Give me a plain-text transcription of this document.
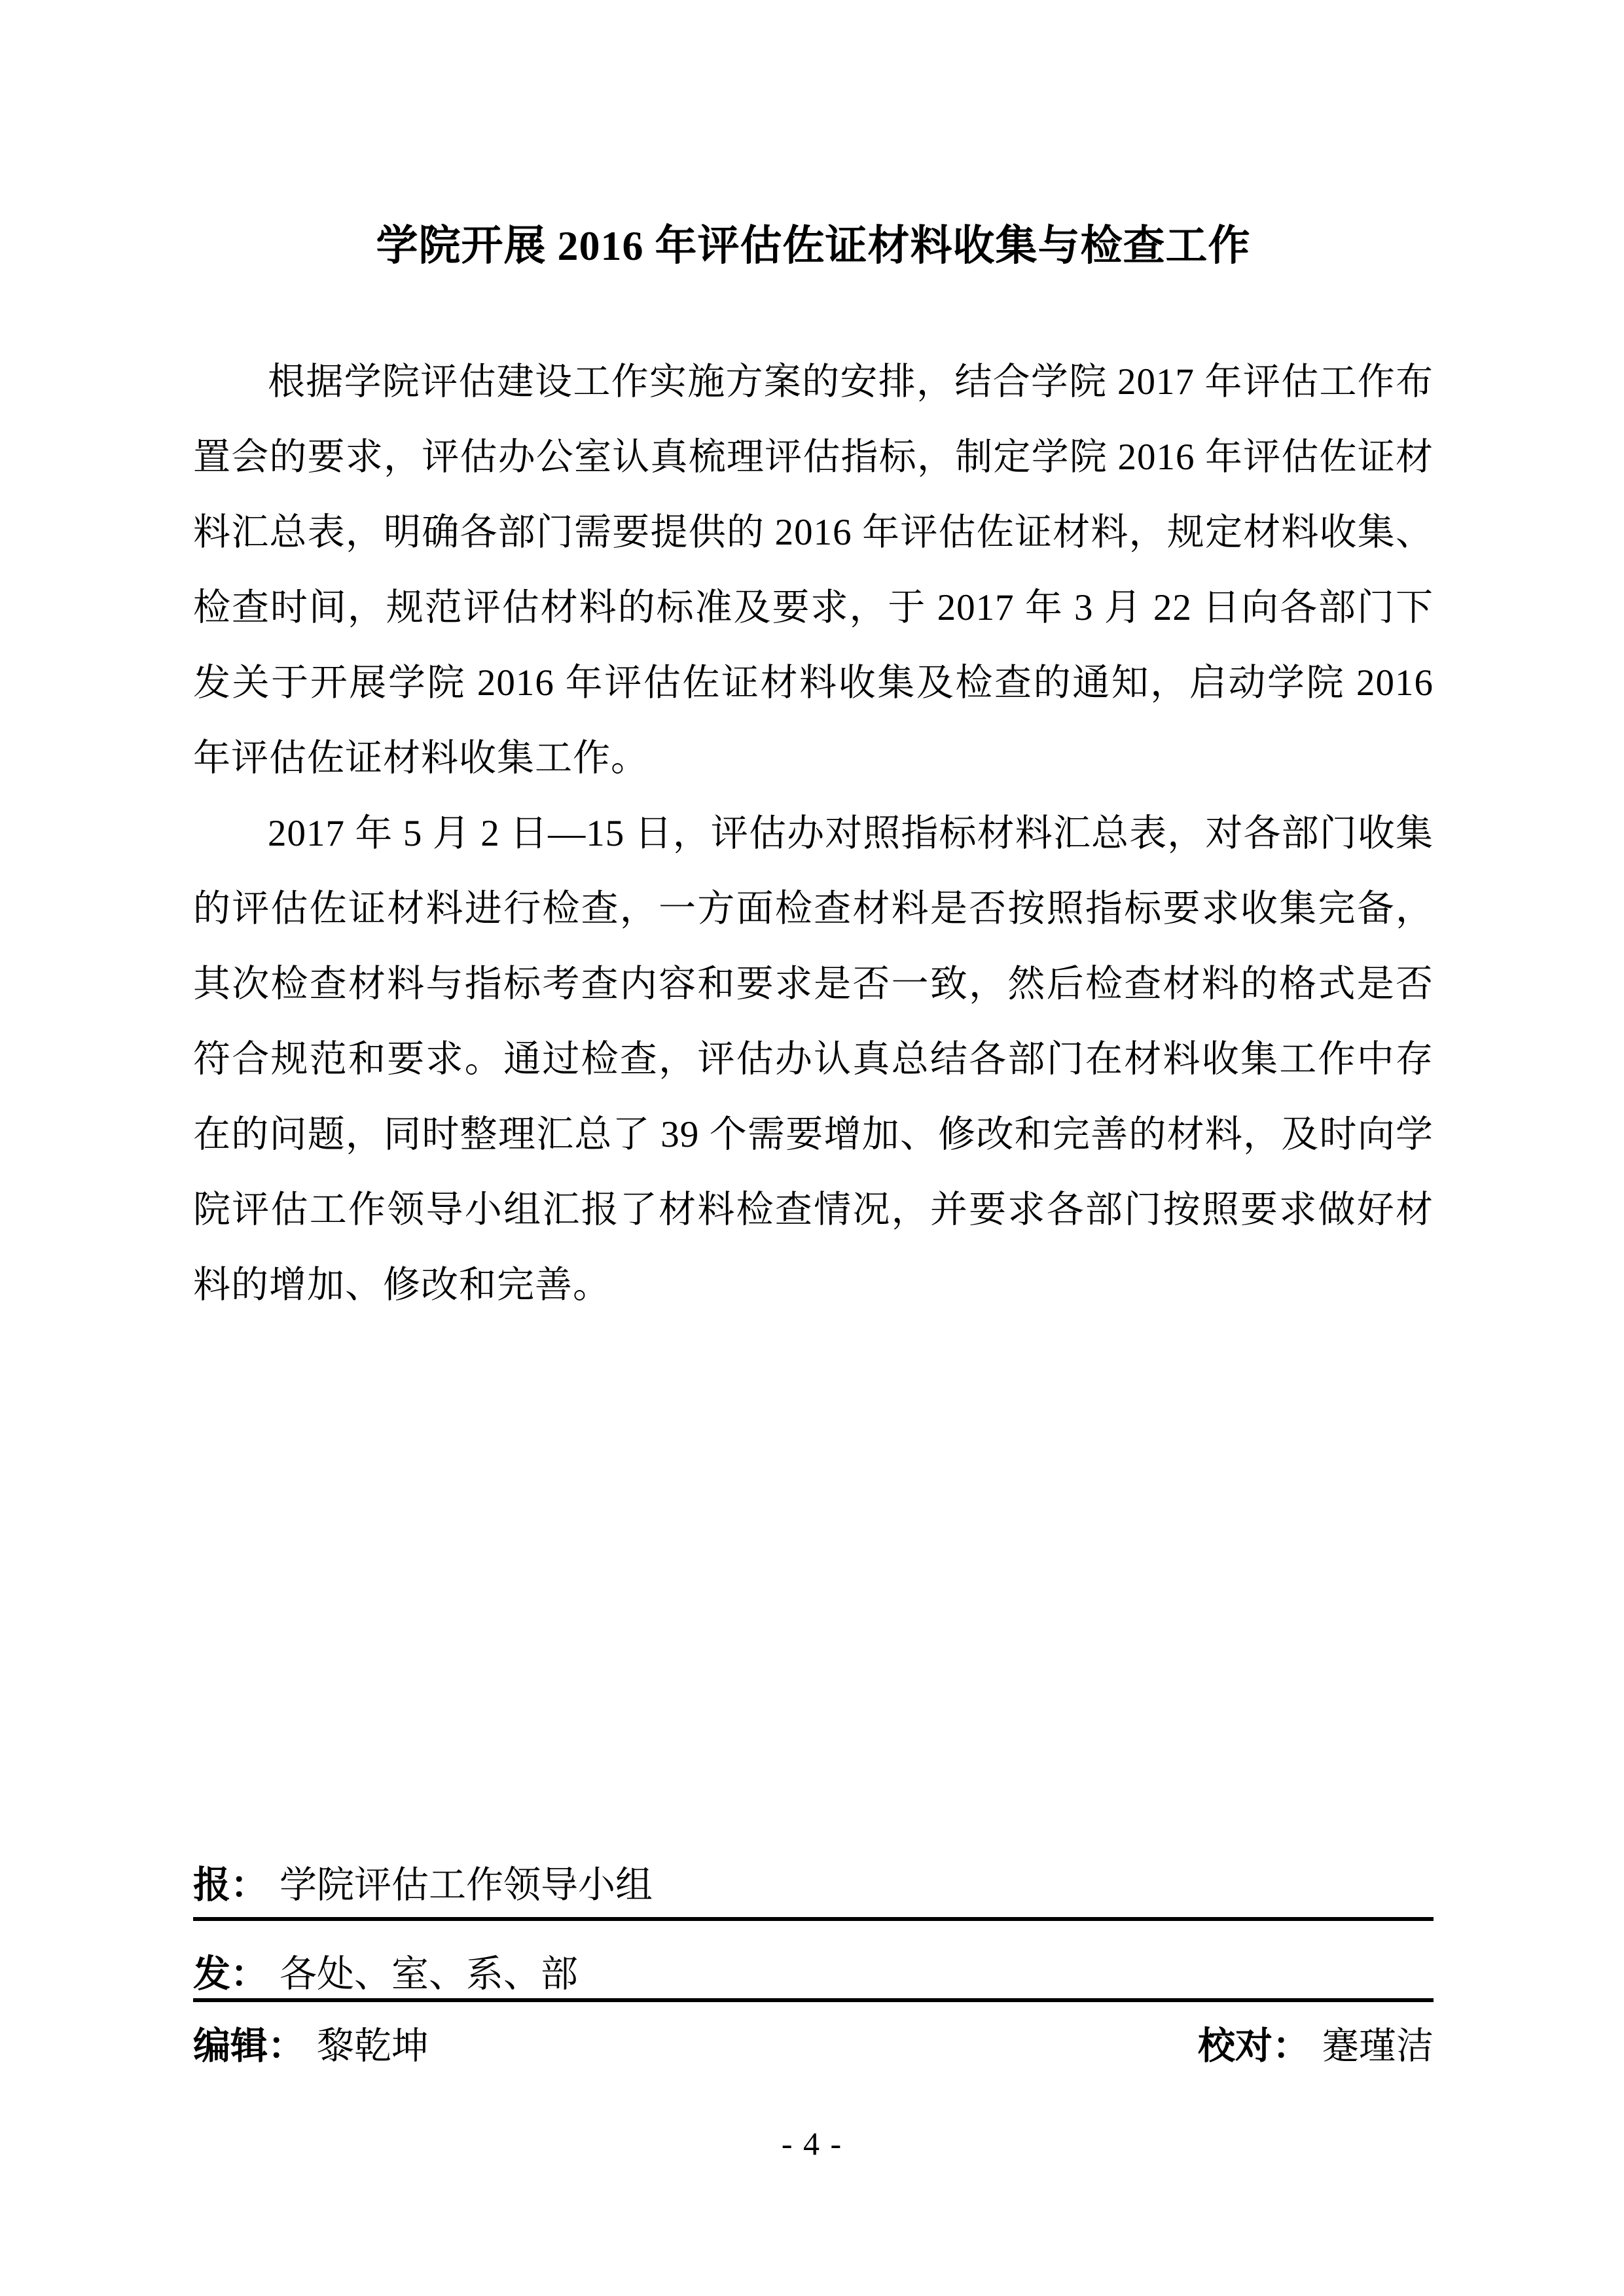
学院开展 2016 年评估佐证材料收集与检查工作

根据学院评估建设工作实施方案的安排，结合学院 2017 年评估工作布置会的要求，评估办公室认真梳理评估指标，制定学院 2016 年评估佐证材料汇总表，明确各部门需要提供的 2016 年评估佐证材料，规定材料收集、检查时间，规范评估材料的标准及要求，于 2017 年 3 月 22 日向各部门下发关于开展学院 2016 年评估佐证材料收集及检查的通知，启动学院 2016 年评估佐证材料收集工作。

2017 年 5 月 2 日—15 日，评估办对照指标材料汇总表，对各部门收集的评估佐证材料进行检查，一方面检查材料是否按照指标要求收集完备，其次检查材料与指标考查内容和要求是否一致，然后检查材料的格式是否符合规范和要求。通过检查，评估办认真总结各部门在材料收集工作中存在的问题，同时整理汇总了 39 个需要增加、修改和完善的材料，及时向学院评估工作领导小组汇报了材料检查情况，并要求各部门按照要求做好材料的增加、修改和完善。

报： 学院评估工作领导小组
发： 各处、室、系、部
编辑： 黎乾坤	校对： 蹇瑾洁
- 4 -
